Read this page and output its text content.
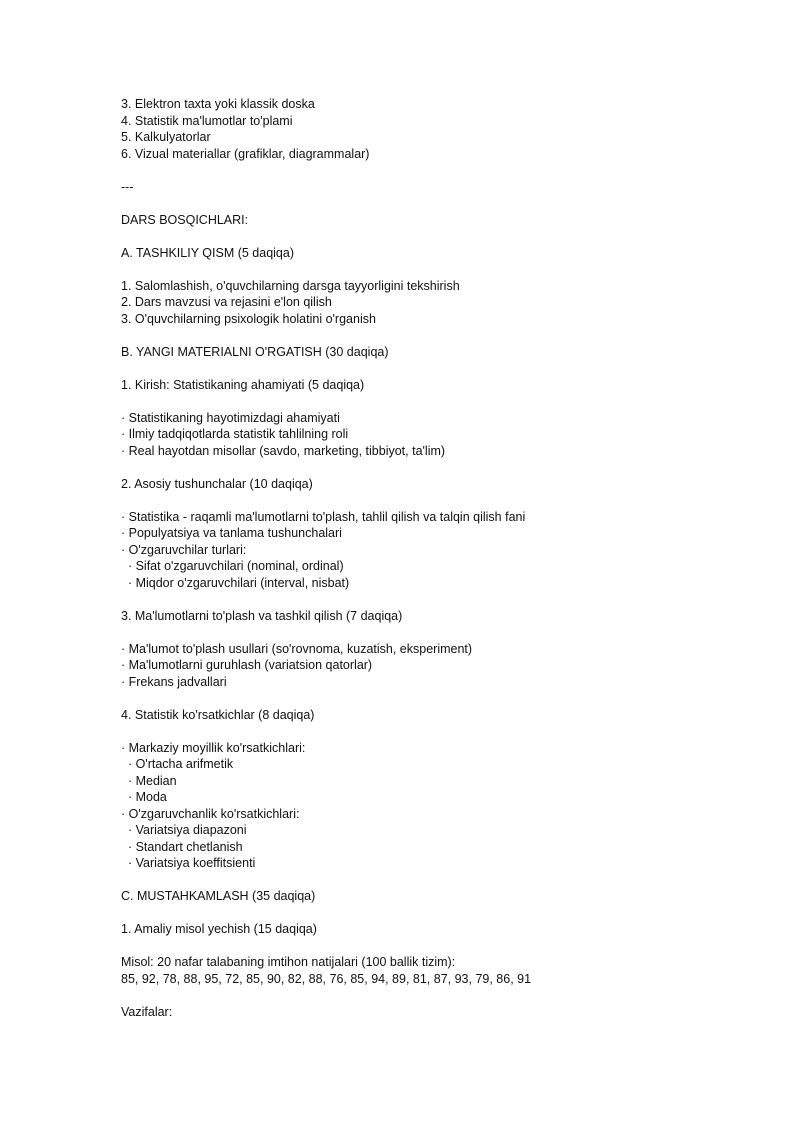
3. Elektron taxta yoki klassik doska
4. Statistik ma'lumotlar to'plami
5. Kalkulyatorlar
6. Vizual materiallar (grafiklar, diagrammalar)
---
DARS BOSQICHLARI:
A. TASHKILIY QISM (5 daqiqa)
1. Salomlashish, o'quvchilarning darsga tayyorligini tekshirish
2. Dars mavzusi va rejasini e'lon qilish
3. O'quvchilarning psixologik holatini o'rganish
B. YANGI MATERIALNI O'RGATISH (30 daqiqa)
1. Kirish: Statistikaning ahamiyati (5 daqiqa)
· Statistikaning hayotimizdagi ahamiyati
· Ilmiy tadqiqotlarda statistik tahlilning roli
· Real hayotdan misollar (savdo, marketing, tibbiyot, ta'lim)
2. Asosiy tushunchalar (10 daqiqa)
· Statistika - raqamli ma'lumotlarni to'plash, tahlil qilish va talqin qilish fani
· Populyatsiya va tanlama tushunchalari
· O'zgaruvchilar turlari:
· Sifat o'zgaruvchilari (nominal, ordinal)
· Miqdor o'zgaruvchilari (interval, nisbat)
3. Ma'lumotlarni to'plash va tashkil qilish (7 daqiqa)
· Ma'lumot to'plash usullari (so'rovnoma, kuzatish, eksperiment)
· Ma'lumotlarni guruhlash (variatsion qatorlar)
· Frekans jadvallari
4. Statistik ko'rsatkichlar (8 daqiqa)
· Markaziy moyillik ko'rsatkichlari:
· O'rtacha arifmetik
· Median
· Moda
· O'zgaruvchanlik ko'rsatkichlari:
· Variatsiya diapazoni
· Standart chetlanish
· Variatsiya koeffitsienti
C. MUSTAHKAMLASH (35 daqiqa)
1. Amaliy misol yechish (15 daqiqa)
Misol: 20 nafar talabaning imtihon natijalari (100 ballik tizim):
85, 92, 78, 88, 95, 72, 85, 90, 82, 88, 76, 85, 94, 89, 81, 87, 93, 79, 86, 91
Vazifalar:
